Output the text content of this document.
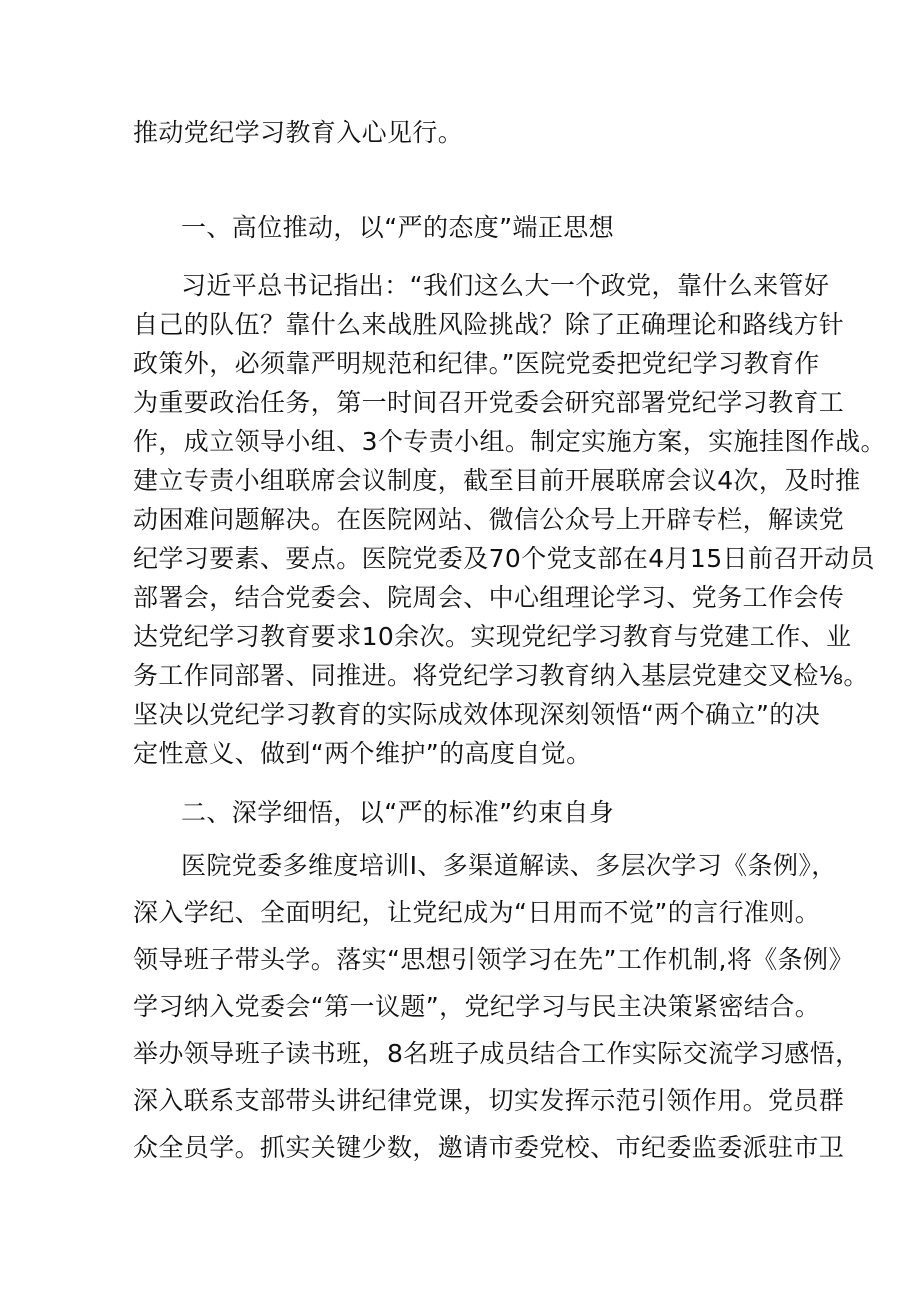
推动党纪学习教育入心见行。

一、高位推动，以“严的态度”端正思想

习近平总书记指出：“我们这么大一个政党，靠什么来管好

自己的队伍？靠什么来战胜风险挑战？除了正确理论和路线方针

政策外，必须靠严明规范和纪律。”医院党委把党纪学习教育作

为重要政治任务，第一时间召开党委会研究部署党纪学习教育工

作，成立领导小组、3个专责小组。制定实施方案，实施挂图作战。

建立专责小组联席会议制度，截至目前开展联席会议4次，及时推

动困难问题解决。在医院网站、微信公众号上开辟专栏，解读党

纪学习要素、要点。医院党委及70个党支部在4月15日前召开动员

部署会，结合党委会、院周会、中心组理论学习、党务工作会传

达党纪学习教育要求10余次。实现党纪学习教育与党建工作、业

务工作同部署、同推进。将党纪学习教育纳入基层党建交叉检⅛。

坚决以党纪学习教育的实际成效体现深刻领悟“两个确立”的决

定性意义、做到“两个维护”的高度自觉。

二、深学细悟，以“严的标准”约束自身

医院党委多维度培训I、多渠道解读、多层次学习《条例》，

深入学纪、全面明纪，让党纪成为“日用而不觉”的言行准则。

领导班子带头学。落实“思想引领学习在先”工作机制,将《条例》

学习纳入党委会“第一议题”，党纪学习与民主决策紧密结合。

举办领导班子读书班，8名班子成员结合工作实际交流学习感悟，

深入联系支部带头讲纪律党课，切实发挥示范引领作用。党员群

众全员学。抓实关键少数，邀请市委党校、市纪委监委派驻市卫
